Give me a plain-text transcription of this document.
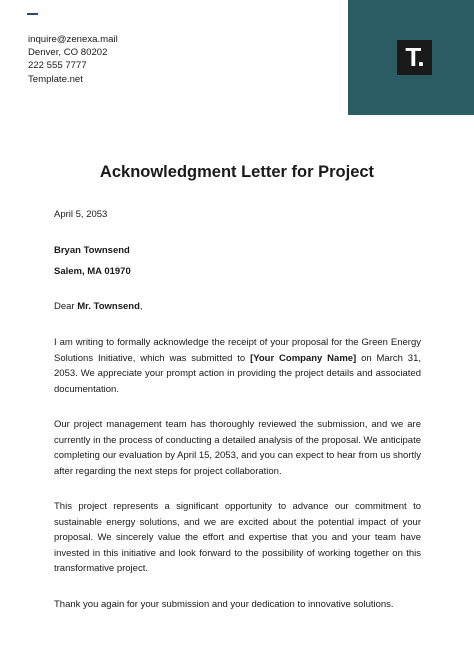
inquire@zenexa.mail
Denver, CO 80202
222 555 7777
Template.net
T.
Acknowledgment Letter for Project
April 5, 2053
Bryan Townsend
Salem, MA 01970
Dear Mr. Townsend,
I am writing to formally acknowledge the receipt of your proposal for the Green Energy Solutions Initiative, which was submitted to [Your Company Name] on March 31, 2053. We appreciate your prompt action in providing the project details and associated documentation.
Our project management team has thoroughly reviewed the submission, and we are currently in the process of conducting a detailed analysis of the proposal. We anticipate completing our evaluation by April 15, 2053, and you can expect to hear from us shortly after regarding the next steps for project collaboration.
This project represents a significant opportunity to advance our commitment to sustainable energy solutions, and we are excited about the potential impact of your proposal. We sincerely value the effort and expertise that you and your team have invested in this initiative and look forward to the possibility of working together on this transformative project.
Thank you again for your submission and your dedication to innovative solutions.
